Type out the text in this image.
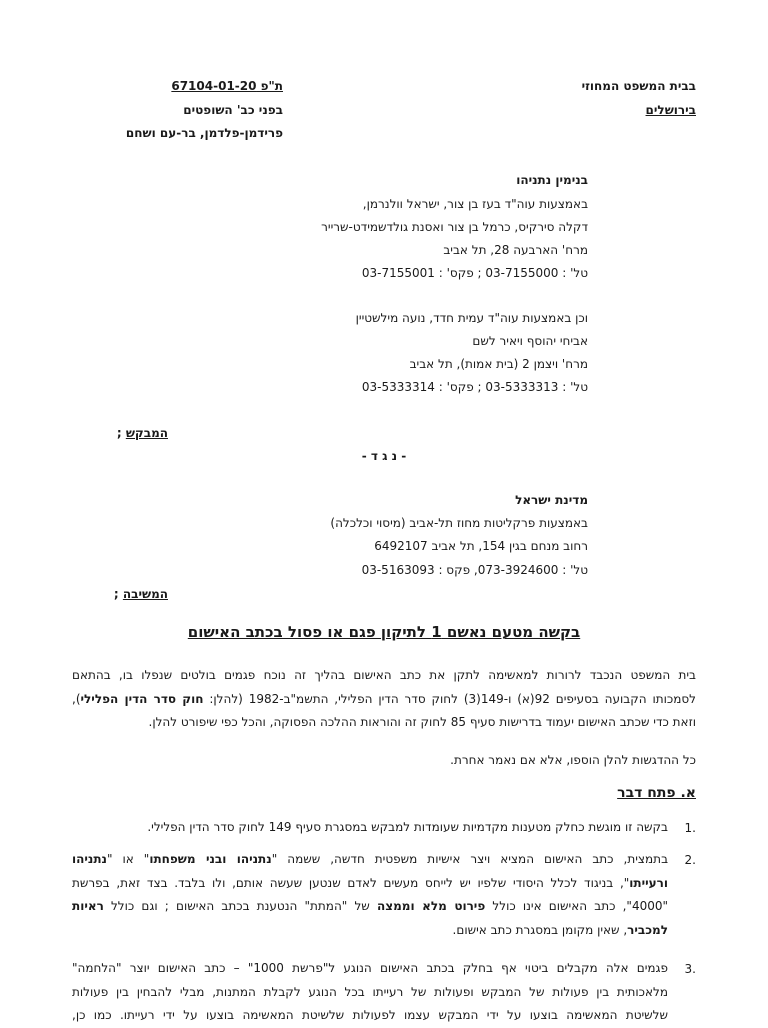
בבית המשפט המחוזי
בירושלים
ת"פ 67104-01-20
בפני כב' השופטים
פרידמן-פלדמן, בר-עם ושחם
בנימין נתניהו
באמצעות עוה"ד בעז בן צור, ישראל וולנרמן,
דקלה סירקיס, כרמל בן צור ואסנת גולדשמידט-שרייר
מרח' הארבעה 28, תל אביב
טל' : 03-7155000 ; פקס' : 03-7155001
וכן באמצעות עוה"ד עמית חדד, נועה מילשטיין
אביחי יהוסף ויאיר לשם
מרח' ויצמן 2 (בית אמות), תל אביב
טל' : 03-5333313 ; פקס' : 03-5333314
המבקש ;
- נ ג ד -
מדינת ישראל
באמצעות פרקליטות מחוז תל-אביב (מיסוי וכלכלה)
רחוב מנחם בגין 154, תל אביב 6492107
טל' : 073-3924600, פקס : 03-5163093
המשיבה ;
בקשה מטעם נאשם 1 לתיקון פגם או פסול בכתב האישום
בית המשפט הנכבד לרורות למאשימה לתקן את כתב האישום בהליך זה נוכח פגמים בולטים שנפלו בו, בהתאם
לסמכותו הקבועה בסעיפים 92(א) ו-149(3) לחוק סדר הדין הפלילי, התשמ"ב-1982 (להלן: חוק סדר הדין הפלילי),
וזאת כדי שכתב האישום יעמוד בדרישות סעיף 85 לחוק זה והוראות ההלכה הפסוקה, והכל כפי שיפורט להלן.
כל ההדגשות להלן הוספו, אלא אם נאמר אחרת.
א. פתח דבר
.1
בקשה זו מוגשת כחלק מטענות מקדמיות שעומדות למבקש במסגרת סעיף 149 לחוק סדר הדין הפלילי.
.2
בתמצית, כתב האישום המציא ויצר אישיות משפטית חדשה, ששמה "נתניהו ובני משפחתו" או "נתניהו
ורעייתו", בניגוד לכלל היסודי שלפיו יש לייחס מעשים לאדם שנטען שעשה אותם, ולו בלבד. בצד זאת, בפרשת
"4000", כתב האישום אינו כולל פירוט מלא וממצה של "המתת" הנטענת בכתב האישום ; וגם כולל ראיות
למכביר, שאין מקומן במסגרת כתב אישום.
.3
פגמים אלה מקבלים ביטוי אף בחלק בכתב האישום הנוגע ל"פרשת 1000" – כתב האישום יוצר "הלחמה"
מלאכותית בין פעולות של המבקש ופעולות של רעייתו בכל הנוגע לקבלת המתנות, מבלי להבחין בין פעולות
שלשיטת המאשימה בוצעו על ידי המבקש עצמו לפעולות שלשיטת המאשימה בוצעו על ידי רעייתו. כמו כן,
